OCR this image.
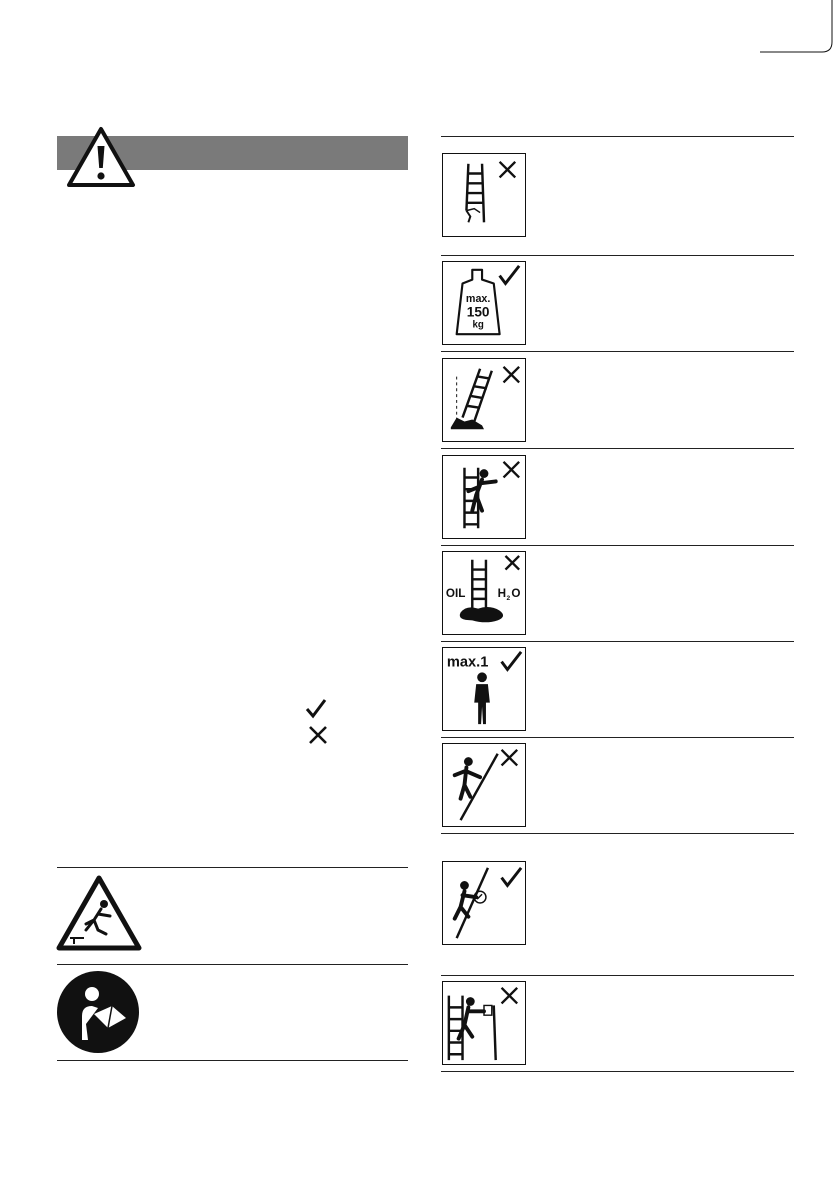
max.
150
kg
OIL	H 2 O
max.1
